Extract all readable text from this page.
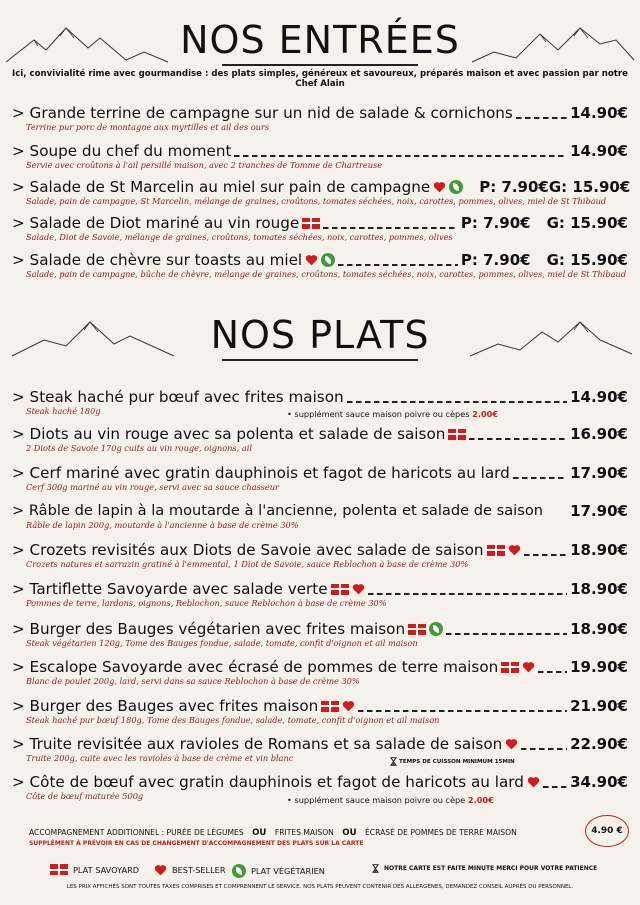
NOS ENTRÉES
Ici, convivialité rime avec gourmandise : des plats simples, généreux et savoureux, préparés maison et avec passion par notre Chef Alain
> Grande terrine de campagne sur un nid de salade & cornichons	14.90€
Terrine pur porc de montagne aux myrtilles et ail des ours
> Soupe du chef du moment	14.90€
Servie avec croûtons à l'ail persillé maison, avec 2 tranches de Tomme de Chartreuse
> Salade de St Marcelin au miel sur pain de campagne	P: 7.90€ G: 15.90€
Salade, pain de campagne, St Marcelin, mélange de graines, croûtons, tomates séchées, noix, carottes, pommes, olives, miel de St Thibaud
> Salade de Diot mariné au vin rouge	P: 7.90€ G: 15.90€
Salade, Diot de Savoie, mélange de graines, croûtons, tomates séchées, noix, carottes, pommes, olives
> Salade de chèvre sur toasts au miel	P: 7.90€ G: 15.90€
Salade, pain de campagne, bûche de chèvre, mélange de graines, croûtons, tomates séchées, noix, carottes, pommes, olives, miel de St Thibaud
NOS PLATS
> Steak haché pur bœuf avec frites maison	14.90€
Steak haché 180g	• supplément sauce maison poivre ou cèpes 2.00€
> Diots au vin rouge avec sa polenta et salade de saison	16.90€
2 Diots de Savoie 170g cuits au vin rouge, oignons, ail
> Cerf mariné avec gratin dauphinois et fagot de haricots au lard	17.90€
Cerf 300g mariné au vin rouge, servi avec sa sauce chasseur
> Râble de lapin à la moutarde à l'ancienne, polenta et salade de saison 17.90€
Râble de lapin 200g, moutarde à l'ancienne à base de crème 30%
> Crozets revisités aux Diots de Savoie avec salade de saison	18.90€
Crozets natures et sarrazin gratiné à l'emmental, 1 Diot de Savoie, sauce Reblochon à base de crème 30%
> Tartiflette Savoyarde avec salade verte	18.90€
Pommes de terre, lardons, oignons, Reblochon, sauce Reblochon à base de crème 30%
> Burger des Bauges végétarien avec frites maison	18.90€
Steak végétarien 120g, Tome des Bauges fondue, salade, tomate, confit d'oignon et ail maison
> Escalope Savoyarde avec écrasé de pommes de terre maison	19.90€
Blanc de poulet 200g, lard, servi dans sa sauce Reblochon à base de crème 30%
> Burger des Bauges avec frites maison	21.90€
Steak haché pur bœuf 180g, Tome des Bauges fondue, salade, tomate, confit d'oignon et ail maison
> Truite revisitée aux ravioles de Romans et sa salade de saison	22.90€
Truite 200g, cuite avec les ravioles à base de crème et vin blanc	TEMPS DE CUISSON MINIMUM 15MIN
> Côte de bœuf avec gratin dauphinois et fagot de haricots au lard	34.90€
Côte de bœuf maturée 500g	• supplément sauce maison poivre ou cèpe 2.00€
ACCOMPAGNEMENT ADDITIONNEL : PURÉE DE LÉGUMES OU FRITES MAISON OU ÉCRASÉ DE POMMES DE TERRE MAISON
SUPPLÉMENT À PRÉVOIR EN CAS DE CHANGEMENT D'ACCOMPAGNEMENT DES PLATS SUR LA CARTE
4.90 €
PLAT SAVOYARD	BEST-SELLER	PLAT VÉGÉTARIEN	NOTRE CARTE EST FAITE MINUTE MERCI POUR VOTRE PATIENCE
LES PRIX AFFICHÉS SONT TOUTES TAXES COMPRISES ET COMPRENNENT LE SERVICE. NOS PLATS PEUVENT CONTENIR DES ALLERGÈNES, DEMANDEZ CONSEIL AUPRÈS DU PERSONNEL.
